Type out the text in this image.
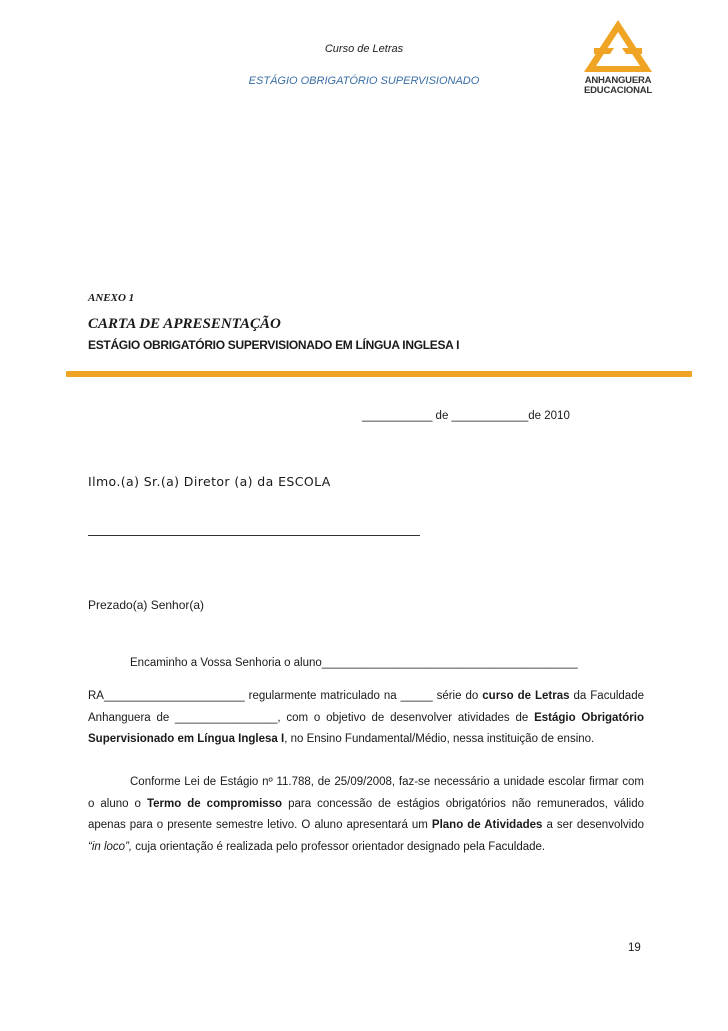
Curso de Letras
ESTÁGIO OBRIGATÓRIO SUPERVISIONADO	ANHANGUERA
EDUCACIONAL
ANEXO 1
CARTA DE APRESENTAÇÃO
ESTÁGIO OBRIGATÓRIO SUPERVISIONADO EM LÍNGUA INGLESA I
___________ de ____________de 2010
Ilmo.(a) Sr.(a) Diretor (a) da ESCOLA
Prezado(a) Senhor(a)
Encaminho a Vossa Senhoria o aluno________________________________________
RA______________________ regularmente matriculado na _____ série do curso de Letras da Faculdade Anhanguera de ________________, com o objetivo de desenvolver atividades de Estágio Obrigatório Supervisionado em Língua Inglesa I, no Ensino Fundamental/Médio, nessa instituição de ensino.
Conforme Lei de Estágio nº 11.788, de 25/09/2008, faz-se necessário a unidade escolar firmar com o aluno o Termo de compromisso para concessão de estágios obrigatórios não remunerados, válido apenas para o presente semestre letivo. O aluno apresentará um Plano de Atividades a ser desenvolvido “in loco”, cuja orientação é realizada pelo professor orientador designado pela Faculdade.
19
